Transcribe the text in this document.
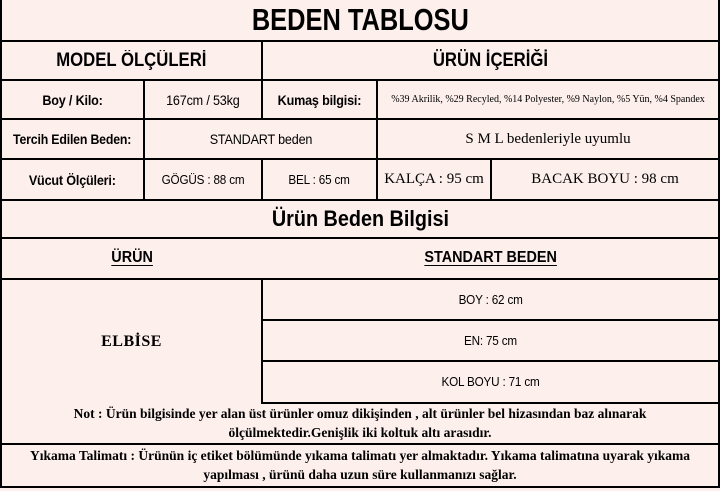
BEDEN TABLOSU
MODEL ÖLÇÜLERİ	ÜRÜN İÇERİĞİ
Boy / Kilo:	167cm / 53kg	Kumaş bilgisi:	%39 Akrilik, %29 Recyled, %14 Polyester, %9 Naylon, %5 Yün, %4 Spandex
Tercih Edilen Beden:	STANDART beden	S M L bedenleriyle uyumlu
Vücut Ölçüleri:	GÖGÜS : 88 cm	BEL : 65 cm	KALÇA : 95 cm	BACAK BOYU : 98 cm
Ürün Beden Bilgisi
ÜRÜN	STANDART BEDEN
ELBİSE
BOY : 62 cm
EN: 75 cm
KOL BOYU : 71 cm
Not : Ürün bilgisinde yer alan üst ürünler omuz dikişinden , alt ürünler bel hizasından baz alınarak ölçülmektedir.Genişlik iki koltuk altı arasıdır.
Yıkama Talimatı : Ürünün iç etiket bölümünde yıkama talimatı yer almaktadır. Yıkama talimatına uyarak yıkama yapılması , ürünü daha uzun süre kullanmanızı sağlar.
